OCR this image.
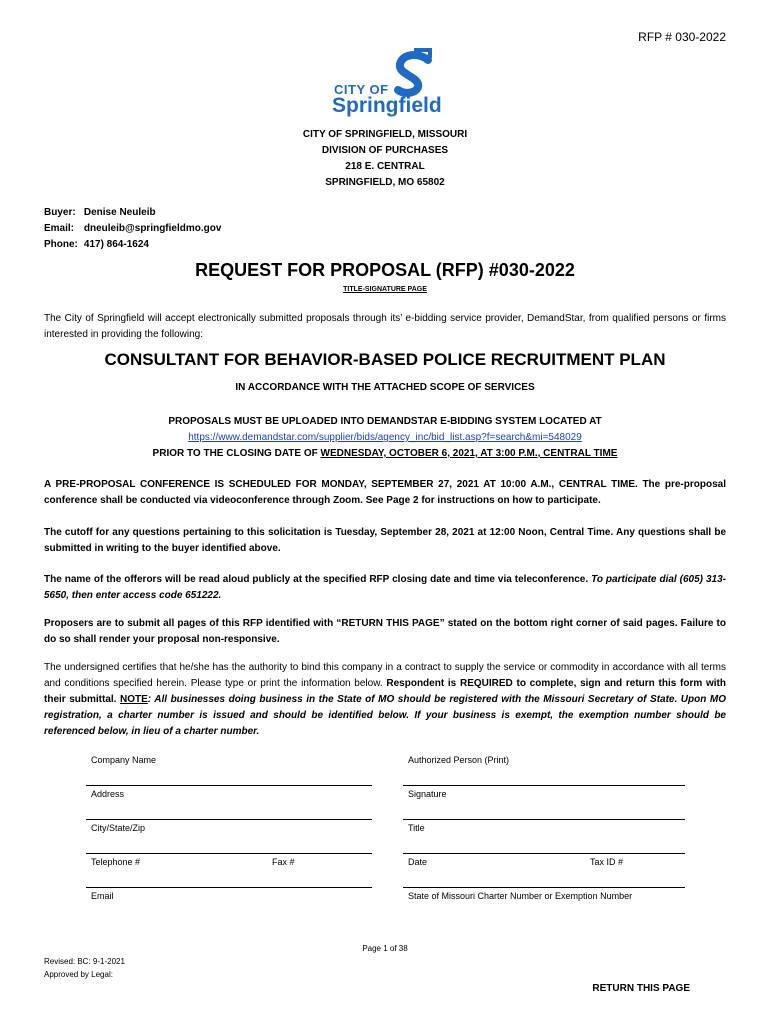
RFP # 030-2022
CITY OF
Springfield
CITY OF SPRINGFIELD, MISSOURI
DIVISION OF PURCHASES
218 E. CENTRAL
SPRINGFIELD, MO 65802
Buyer:	Denise Neuleib
Email:	dneuleib@springfieldmo.gov
Phone:	417) 864-1624
REQUEST FOR PROPOSAL (RFP) #030-2022
TITLE-SIGNATURE PAGE

The City of Springfield will accept electronically submitted proposals through its’ e-bidding service provider, DemandStar, from qualified persons or firms interested in providing the following:

CONSULTANT FOR BEHAVIOR-BASED POLICE RECRUITMENT PLAN
IN ACCORDANCE WITH THE ATTACHED SCOPE OF SERVICES
PROPOSALS MUST BE UPLOADED INTO DEMANDSTAR E-BIDDING SYSTEM LOCATED AT
https://www.demandstar.com/supplier/bids/agency_inc/bid_list.asp?f=search&mi=548029
PRIOR TO THE CLOSING DATE OF WEDNESDAY, OCTOBER 6, 2021, AT 3:00 P.M., CENTRAL TIME

A PRE-PROPOSAL CONFERENCE IS SCHEDULED FOR MONDAY, SEPTEMBER 27, 2021 AT 10:00 A.M., CENTRAL TIME. The pre-proposal conference shall be conducted via videoconference through Zoom. See Page 2 for instructions on how to participate.

The cutoff for any questions pertaining to this solicitation is Tuesday, September 28, 2021 at 12:00 Noon, Central Time. Any questions shall be submitted in writing to the buyer identified above.

The name of the offerors will be read aloud publicly at the specified RFP closing date and time via teleconference. To participate dial (605) 313-5650, then enter access code 651222.

Proposers are to submit all pages of this RFP identified with “RETURN THIS PAGE” stated on the bottom right corner of said pages. Failure to do so shall render your proposal non-responsive.

The undersigned certifies that he/she has the authority to bind this company in a contract to supply the service or commodity in accordance with all terms and conditions specified herein. Please type or print the information below. Respondent is REQUIRED to complete, sign and return this form with their submittal. NOTE: All businesses doing business in the State of MO should be registered with the Missouri Secretary of State. Upon MO registration, a charter number is issued and should be identified below. If your business is exempt, the exemption number should be referenced below, in lieu of a charter number.

Company Name	Authorized Person (Print)
Address	Signature
City/State/Zip	Title
Telephone #	Fax #	Date	Tax ID #
Email	State of Missouri Charter Number or Exemption Number
Page 1 of 38
Revised: BC: 9-1-2021
Approved by Legal:
RETURN THIS PAGE
